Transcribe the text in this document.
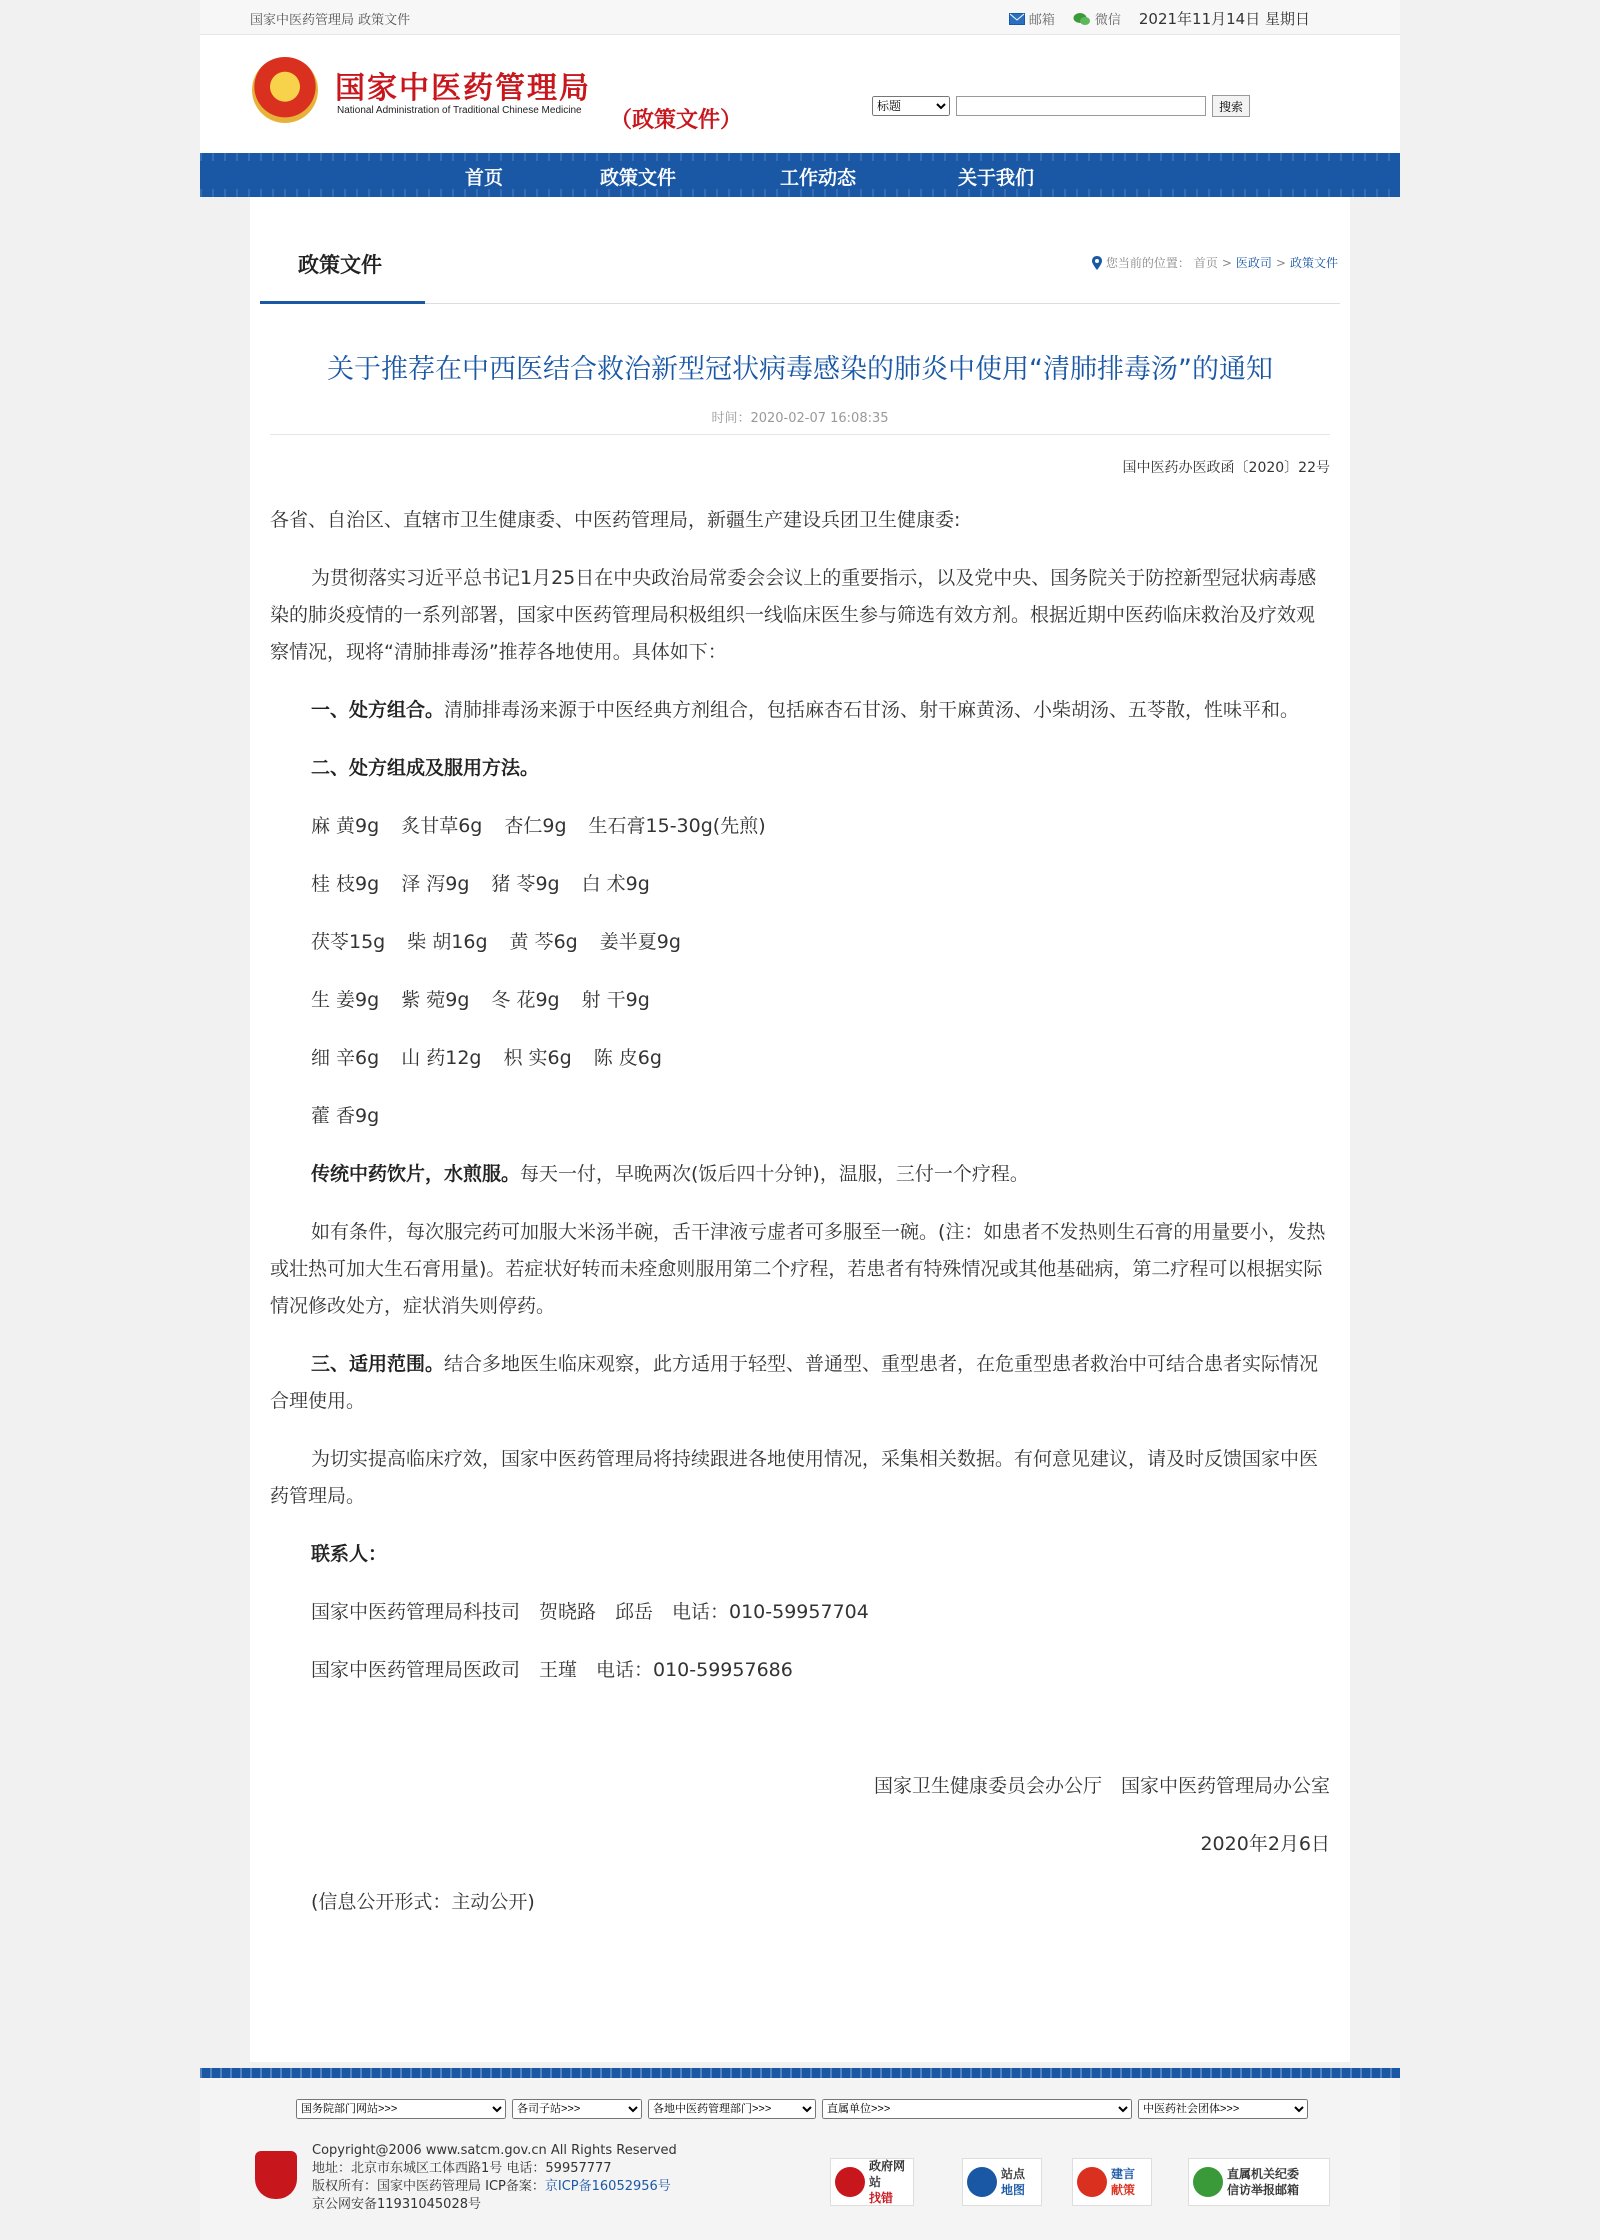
国家中医药管理局 政策文件	邮箱	微信 2021年11月14日 星期日
国家中医药管理局
National Administration of Traditional Chinese Medicine （政策文件）
标题
搜索
首页	政策文件	工作动态	关于我们
政策文件	您当前的位置： 首页 > 医政司 > 政策文件
关于推荐在中西医结合救治新型冠状病毒感染的肺炎中使用“清肺排毒汤”的通知
时间：2020-02-07 16:08:35
国中医药办医政函〔2020〕22号

各省、自治区、直辖市卫生健康委、中医药管理局，新疆生产建设兵团卫生健康委:

为贯彻落实习近平总书记1月25日在中央政治局常委会会议上的重要指示，以及党中央、国务院关于防控新型冠状病毒感染的肺炎疫情的一系列部署，国家中医药管理局积极组织一线临床医生参与筛选有效方剂。根据近期中医药临床救治及疗效观察情况，现将“清肺排毒汤”推荐各地使用。具体如下：

一、处方组合。清肺排毒汤来源于中医经典方剂组合，包括麻杏石甘汤、射干麻黄汤、小柴胡汤、五苓散，性味平和。

二、处方组成及服用方法。

麻 黄9g 炙甘草6g 杏仁9g 生石膏15-30g(先煎)

桂 枝9g 泽 泻9g 猪 苓9g 白 术9g

茯苓15g 柴 胡16g 黄 芩6g 姜半夏9g

生 姜9g 紫 菀9g 冬 花9g 射 干9g

细 辛6g 山 药12g 枳 实6g 陈 皮6g

藿 香9g

传统中药饮片，水煎服。每天一付，早晚两次(饭后四十分钟)，温服，三付一个疗程。

如有条件，每次服完药可加服大米汤半碗，舌干津液亏虚者可多服至一碗。(注：如患者不发热则生石膏的用量要小，发热或壮热可加大生石膏用量)。若症状好转而未痊愈则服用第二个疗程，若患者有特殊情况或其他基础病，第二疗程可以根据实际情况修改处方，症状消失则停药。

三、适用范围。结合多地医生临床观察，此方适用于轻型、普通型、重型患者，在危重型患者救治中可结合患者实际情况合理使用。

为切实提高临床疗效，国家中医药管理局将持续跟进各地使用情况，采集相关数据。有何意见建议，请及时反馈国家中医药管理局。

联系人：

国家中医药管理局科技司　贺晓路　邱岳　电话：010-59957704

国家中医药管理局医政司　王瑾　电话：010-59957686

国家卫生健康委员会办公厅　国家中医药管理局办公室

2020年2月6日

(信息公开形式：主动公开)

国务院部门网站>>>
各司子站>>>
各地中医药管理部门>>>
直属单位>>>
中医药社会团体>>>
Copyright@2006 www.satcm.gov.cn All Rights Reserved
地址：北京市东城区工体西路1号 电话：59957777
版权所有：国家中医药管理局 ICP备案：京ICP备16052956号
京公网安备11931045028号
政府网站
找错
站点
地图
建言
献策
直属机关纪委
信访举报邮箱
